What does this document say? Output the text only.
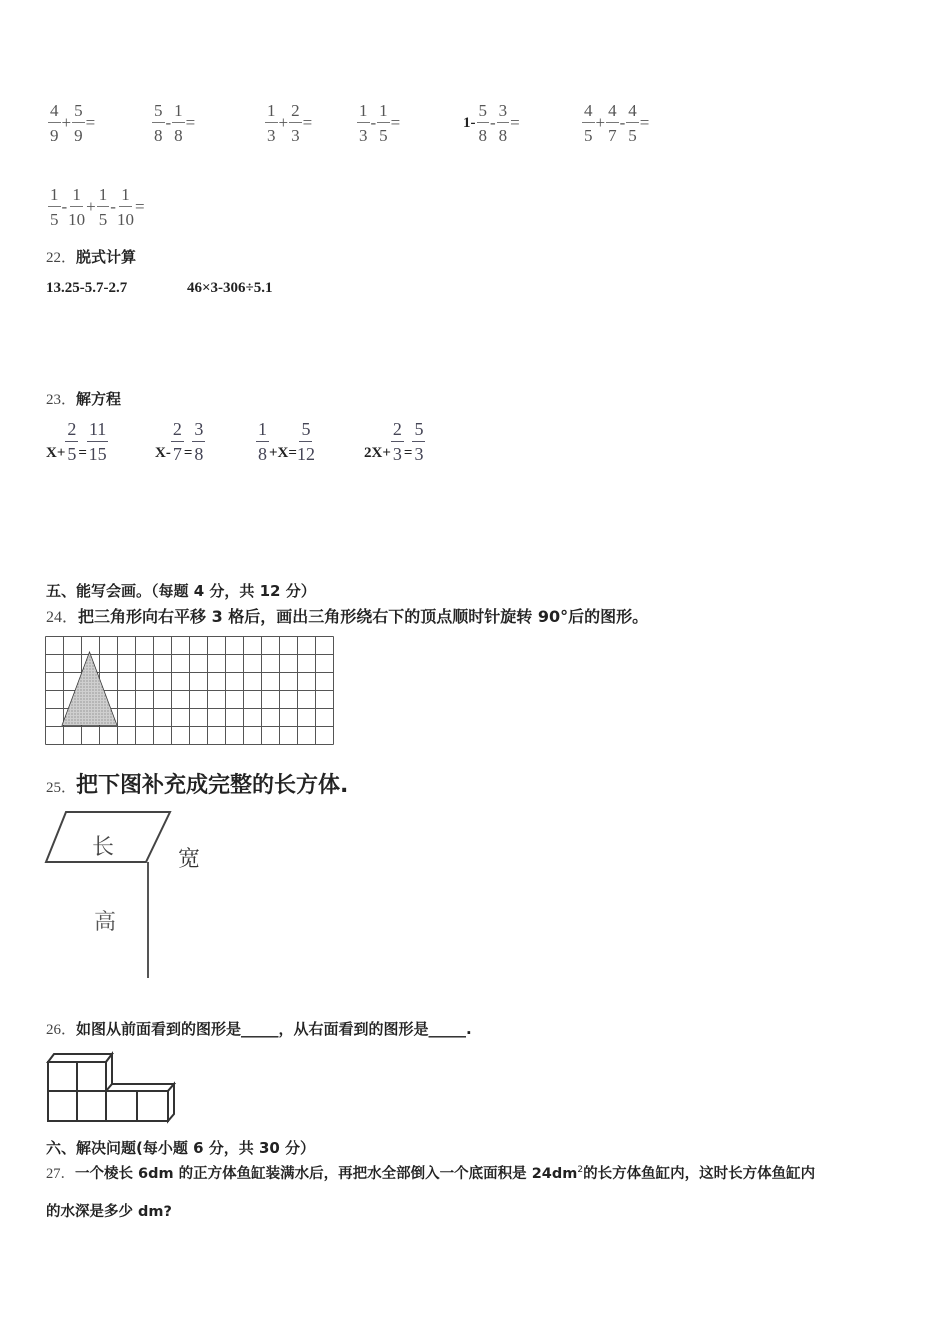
$\frac{4}{9} + \frac{5}{9}$ =	$\frac{5}{8} - \frac{1}{8}$ =	$\frac{1}{3} + \frac{2}{3}$ =	$\frac{1}{3} - \frac{1}{5}$ =	$1- \frac{5}{8} - \frac{3}{8}$ =	$\frac{4}{5} + \frac{4}{7} - \frac{4}{5}$ =
$\frac{1}{5} - \frac{1}{10} + \frac{1}{5} - \frac{1}{10}$ =
22．脱式计算
13.25-5.7-2.7	46×3-306÷5.1
23．解方程
$X+ \frac{2}{5} = \frac{11}{15}$	$X- \frac{2}{7} = \frac{3}{8}$	$\frac{1}{8} +X= \frac{5}{12}$	$2X+ \frac{2}{3} = \frac{5}{3}$
五、能写会画。（每题 4 分，共 12 分）
24．把三角形向右平移 3 格后，画出三角形绕右下的顶点顺时针旋转 90°后的图形。
25．把下图补充成完整的长方体.
长	宽
高
26．如图从前面看到的图形是_____，从右面看到的图形是_____.
六、解决问题(每小题 6 分，共 30 分）
27．一个棱长 6dm 的正方体鱼缸装满水后，再把水全部倒入一个底面积是 $24dm^2$的长方体鱼缸内，这时长方体鱼缸内
的水深是多少 dm?
